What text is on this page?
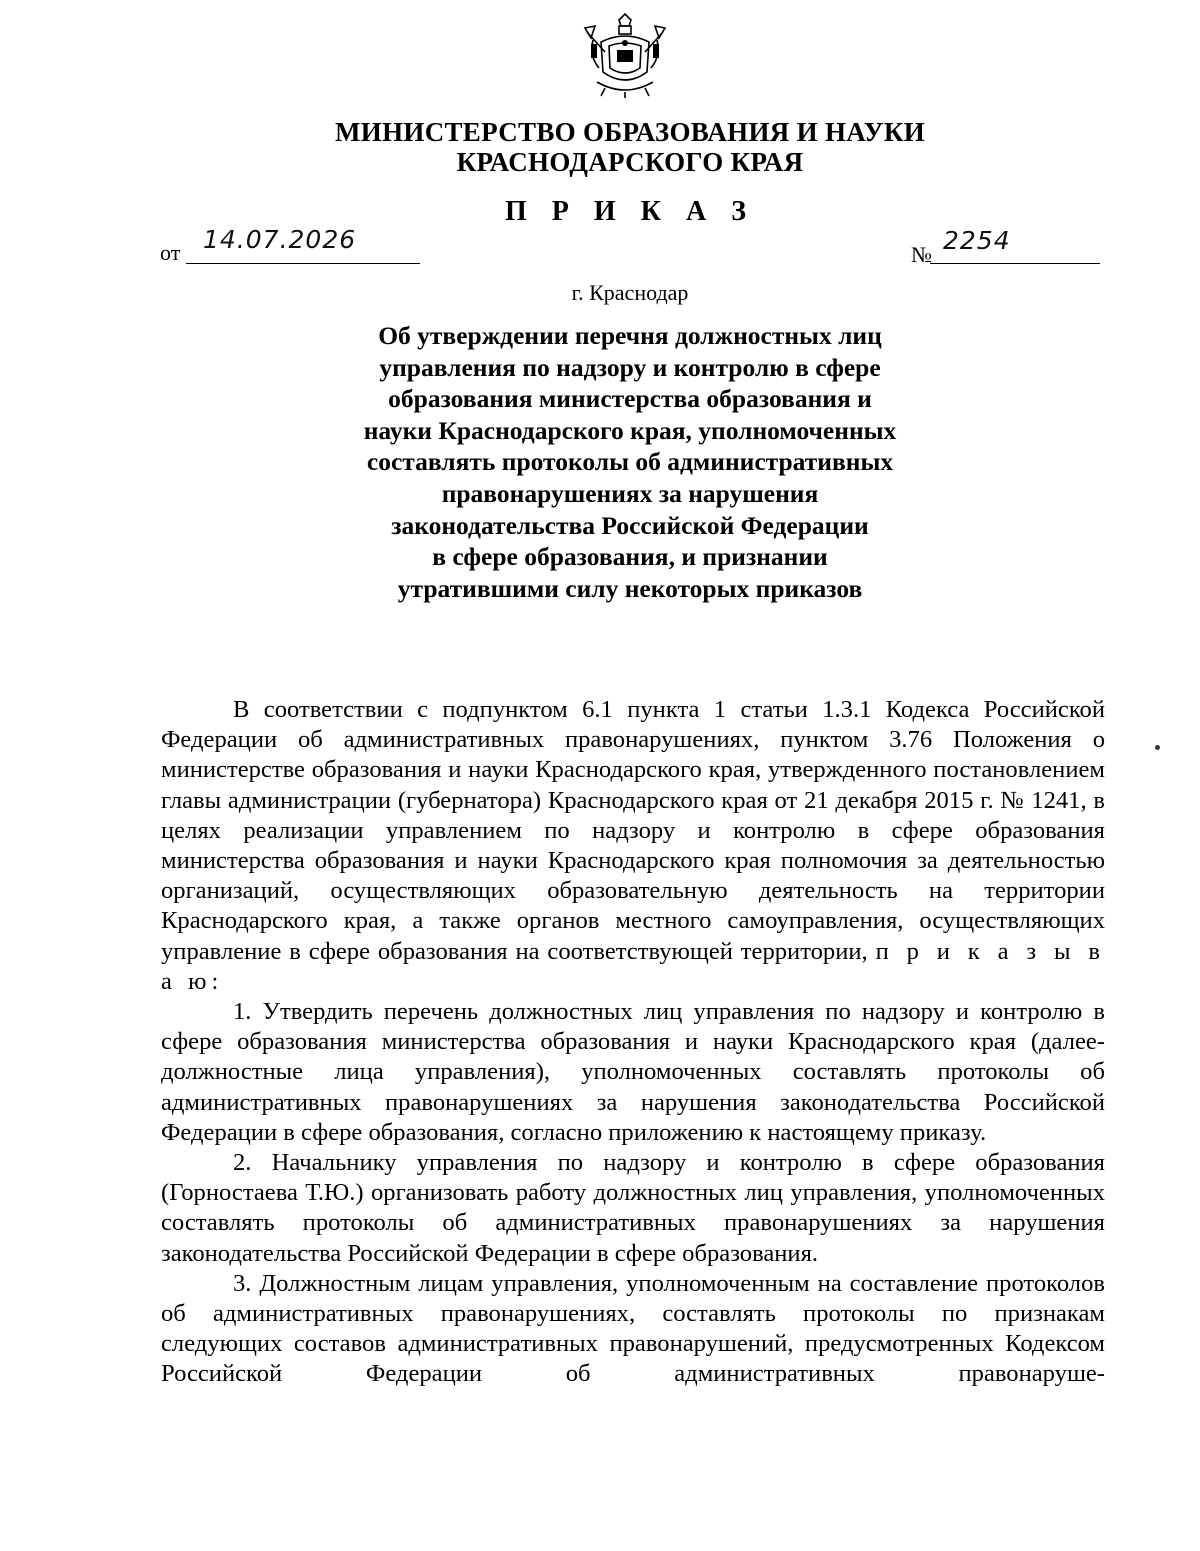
МИНИСТЕРСТВО ОБРАЗОВАНИЯ И НАУКИ
КРАСНОДАРСКОГО КРАЯ
П Р И К А З
от 14.07.2026
№ 2254
г. Краснодар
Об утверждении перечня должностных лиц
управления по надзору и контролю в сфере
образования министерства образования и
науки Краснодарского края, уполномоченных
составлять протоколы об административных
правонарушениях за нарушения
законодательства Российской Федерации
в сфере образования, и признании
утратившими силу некоторых приказов

В соответствии с подпунктом 6.1 пункта 1 статьи 1.3.1 Кодекса Российской Федерации об административных правонарушениях, пунктом 3.76 Положения о министерстве образования и науки Краснодарского края, утвержденного постановлением главы администрации (губернатора) Краснодарского края от 21 декабря 2015 г. № 1241, в целях реализации управлением по надзору и контролю в сфере образования министерства образования и науки Краснодарского края полномочия за деятельностью организаций, осуществляющих образовательную деятельность на территории Краснодарского края, а также органов местного самоуправления, осуществляющих управление в сфере образования на соответствующей территории, п р и к а з ы в а ю:

1. Утвердить перечень должностных лиц управления по надзору и контролю в сфере образования министерства образования и науки Краснодарского края (далее- должностные лица управления), уполномоченных составлять протоколы об административных правонарушениях за нарушения законодательства Российской Федерации в сфере образования, согласно приложению к настоящему приказу.

2. Начальнику управления по надзору и контролю в сфере образования (Горностаева Т.Ю.) организовать работу должностных лиц управления, уполномоченных составлять протоколы об административных правонарушениях за нарушения законодательства Российской Федерации в сфере образования.

3. Должностным лицам управления, уполномоченным на составление протоколов об административных правонарушениях, составлять протоколы по признакам следующих составов административных правонарушений, предусмотренных Кодексом Российской Федерации об административных правонаруше-
